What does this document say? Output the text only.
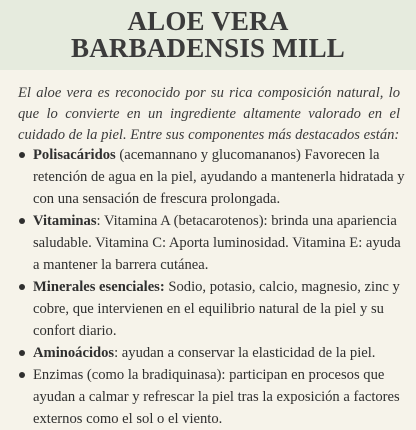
ALOE VERA
BARBADENSIS MILL

El aloe vera es reconocido por su rica composición natural, lo que lo convierte en un ingrediente altamente valorado en el cuidado de la piel. Entre sus componentes más destacados están:

Polisacáridos (acemannano y glucomananos) Favorecen la retención de agua en la piel, ayudando a mantenerla hidratada y con una sensación de frescura prolongada.
Vitaminas: Vitamina A (betacarotenos): brinda una apariencia saludable. Vitamina C: Aporta luminosidad. Vitamina E: ayuda a mantener la barrera cutánea.
Minerales esenciales: Sodio, potasio, calcio, magnesio, zinc y cobre, que intervienen en el equilibrio natural de la piel y su confort diario.
Aminoácidos: ayudan a conservar la elasticidad de la piel.
Enzimas (como la bradiquinasa): participan en procesos que ayudan a calmar y refrescar la piel tras la exposición a factores externos como el sol o el viento.
